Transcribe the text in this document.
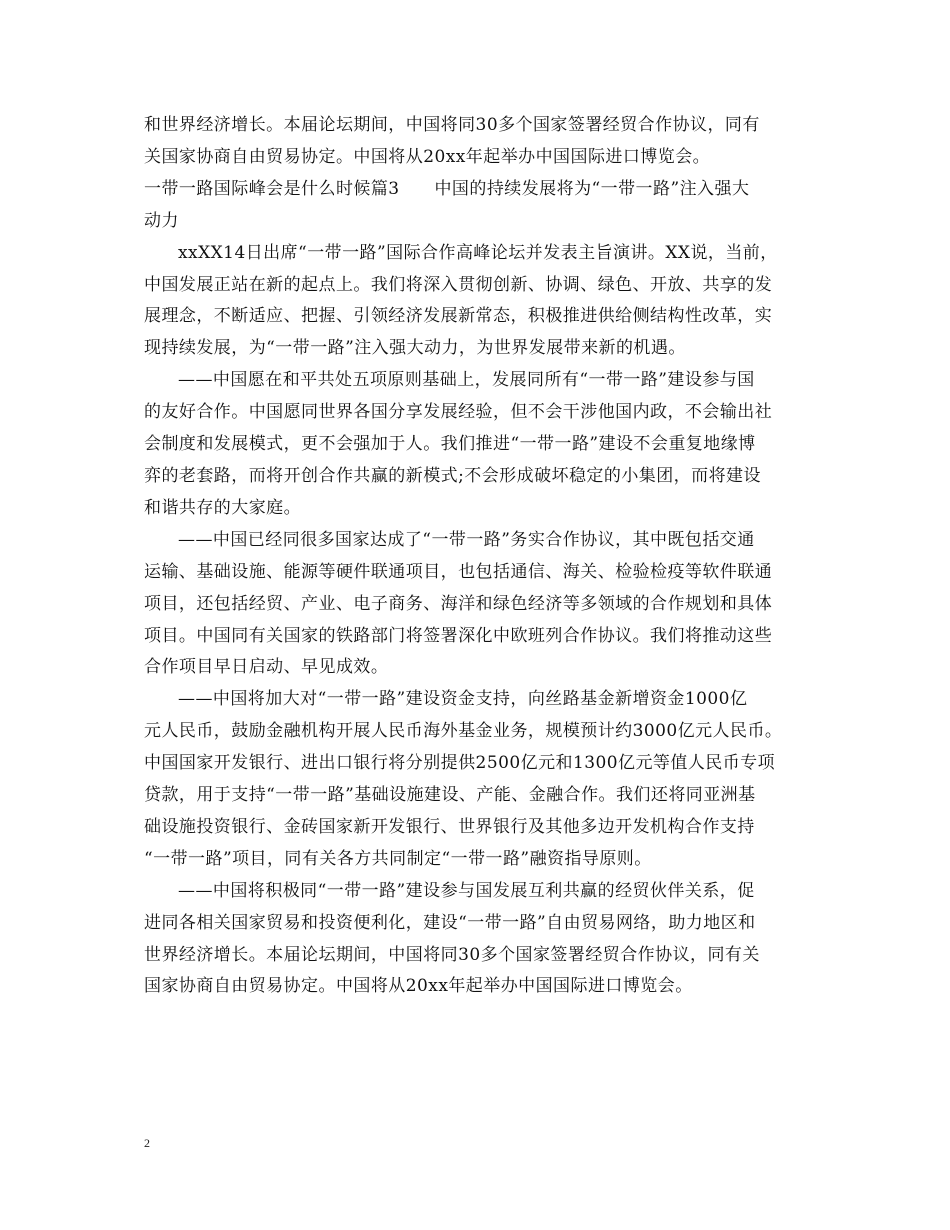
和世界经济增长。本届论坛期间，中国将同30多个国家签署经贸合作协议，同有
关国家协商自由贸易协定。中国将从20xx年起举办中国国际进口博览会。

一带一路国际峰会是什么时候篇3　　中国的持续发展将为“一带一路”注入强大
动力

xxXX14日出席“一带一路”国际合作高峰论坛并发表主旨演讲。XX说，当前，
中国发展正站在新的起点上。我们将深入贯彻创新、协调、绿色、开放、共享的发
展理念，不断适应、把握、引领经济发展新常态，积极推进供给侧结构性改革，实
现持续发展，为“一带一路”注入强大动力，为世界发展带来新的机遇。

——中国愿在和平共处五项原则基础上，发展同所有“一带一路”建设参与国
的友好合作。中国愿同世界各国分享发展经验，但不会干涉他国内政，不会输出社
会制度和发展模式，更不会强加于人。我们推进“一带一路”建设不会重复地缘博
弈的老套路，而将开创合作共赢的新模式;不会形成破坏稳定的小集团，而将建设
和谐共存的大家庭。

——中国已经同很多国家达成了“一带一路”务实合作协议，其中既包括交通
运输、基础设施、能源等硬件联通项目，也包括通信、海关、检验检疫等软件联通
项目，还包括经贸、产业、电子商务、海洋和绿色经济等多领域的合作规划和具体
项目。中国同有关国家的铁路部门将签署深化中欧班列合作协议。我们将推动这些
合作项目早日启动、早见成效。

——中国将加大对“一带一路”建设资金支持，向丝路基金新增资金1000亿
元人民币，鼓励金融机构开展人民币海外基金业务，规模预计约3000亿元人民币。
中国国家开发银行、进出口银行将分别提供2500亿元和1300亿元等值人民币专项
贷款，用于支持“一带一路”基础设施建设、产能、金融合作。我们还将同亚洲基
础设施投资银行、金砖国家新开发银行、世界银行及其他多边开发机构合作支持
“一带一路”项目，同有关各方共同制定“一带一路”融资指导原则。

——中国将积极同“一带一路”建设参与国发展互利共赢的经贸伙伴关系，促
进同各相关国家贸易和投资便利化，建设“一带一路”自由贸易网络，助力地区和
世界经济增长。本届论坛期间，中国将同30多个国家签署经贸合作协议，同有关
国家协商自由贸易协定。中国将从20xx年起举办中国国际进口博览会。

2
